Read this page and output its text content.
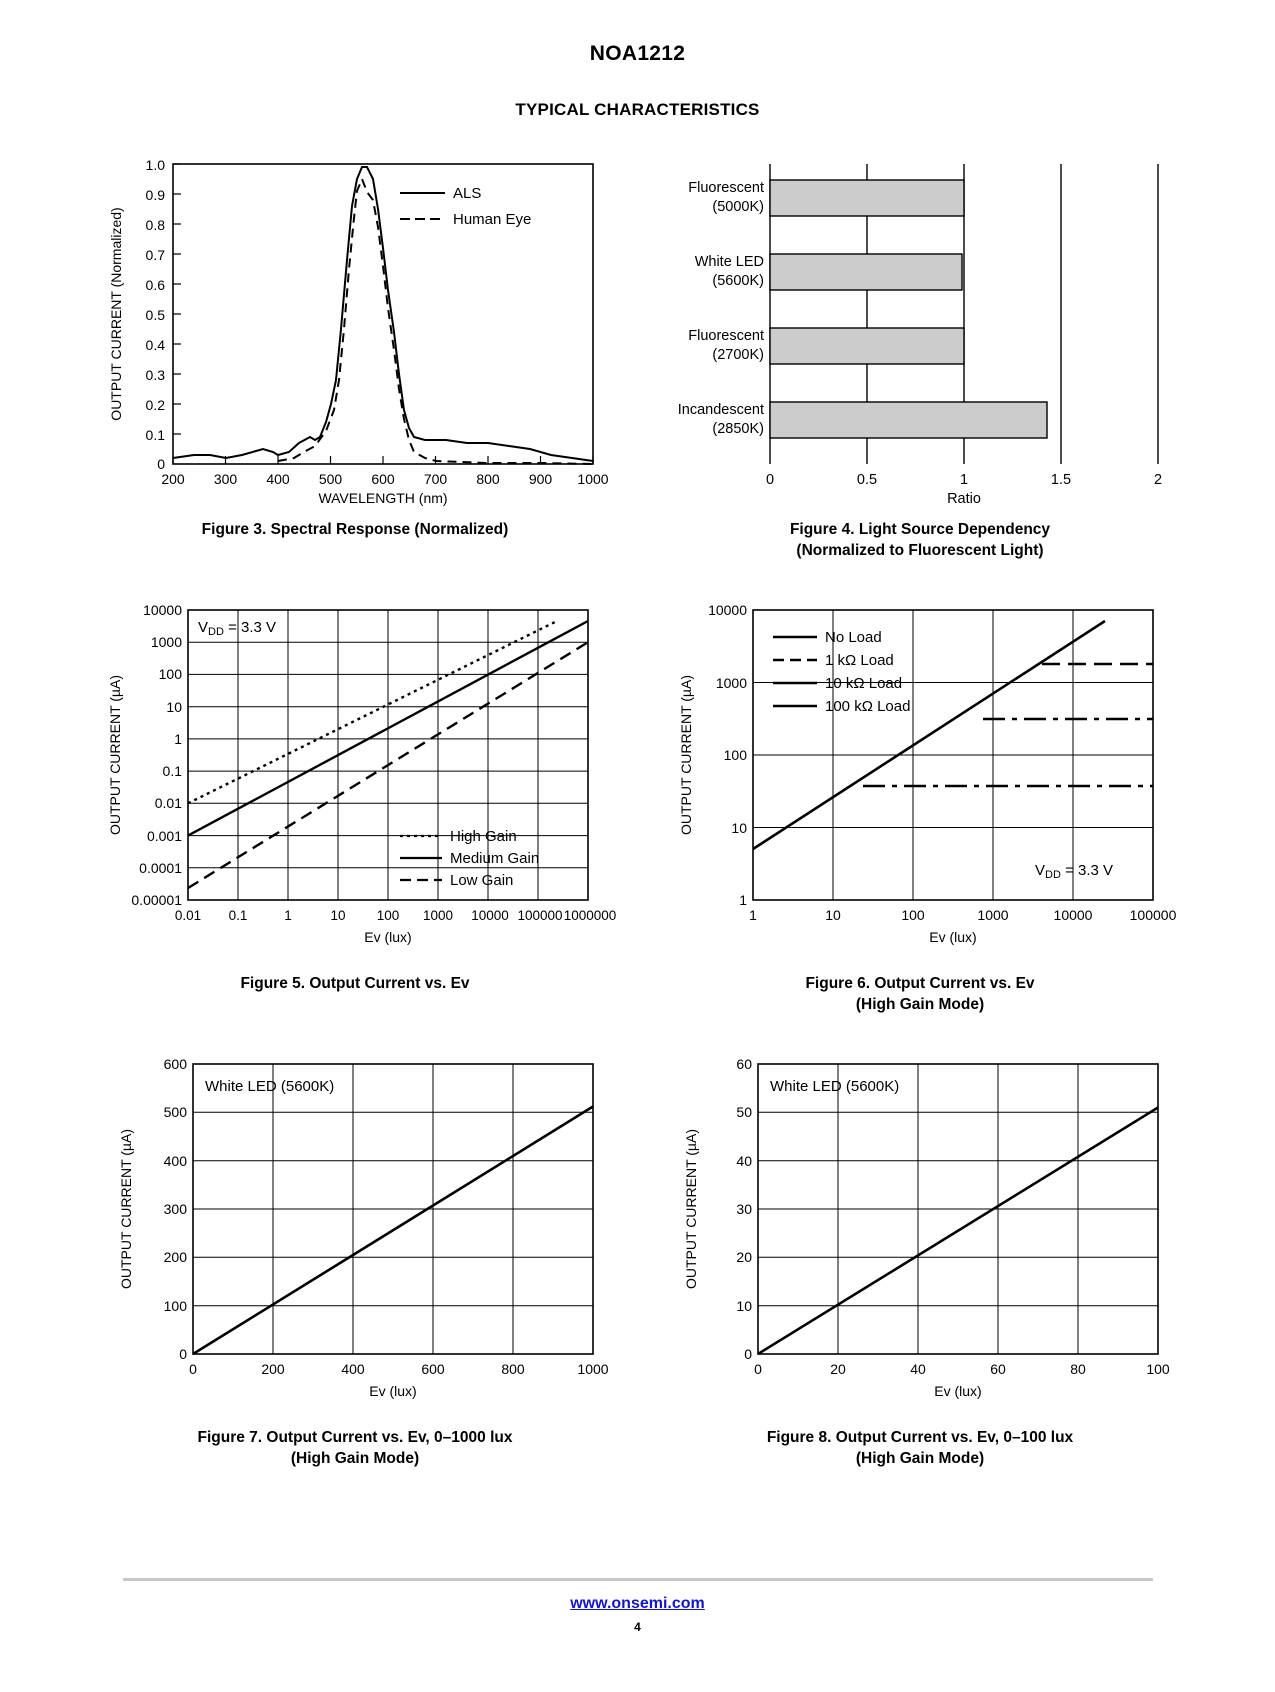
NOA1212
TYPICAL CHARACTERISTICS
1.0
0.9
0.8
0.7
0.6
0.5
0.4
0.3
0.2
0.1
0
200 300 400 500 600 700 800 900 1000
WAVELENGTH (nm)
OUTPUT CURRENT (Normalized)
ALS
Human Eye
Figure 3. Spectral Response (Normalized)
Fluorescent
(5000K)
White LED
(5600K)
Fluorescent
(2700K)
Incandescent
(2850K)
0	0.5	1	1.5	2
Ratio
Figure 4. Light Source Dependency
(Normalized to Fluorescent Light)
10000
1000
100
10
1
0.1
0.01
0.001
0.0001
0.00001
0.01 0.1	1	10 100 1000 10000 100000 1000000
Ev (lux)
OUTPUT CURRENT (µA)
$V_{DD} = 3.3$ V
High Gain
Medium Gain
Low Gain
Figure 5. Output Current vs. Ev
10000
1000
100
10
1
1	10	100	1000	10000	100000
Ev (lux)
OUTPUT CURRENT (µA)
No Load
1 kΩ Load
10 kΩ Load
100 kΩ Load
$V_{DD} = 3.3$ V
Figure 6. Output Current vs. Ev
(High Gain Mode)
600
500
400
300
200
100
0
0	200	400	600	800	1000
Ev (lux)
OUTPUT CURRENT (µA)
White LED (5600K)
Figure 7. Output Current vs. Ev, 0–1000 lux
(High Gain Mode)
60
50
40
30
20
10
0
0	20	40	60	80	100
Ev (lux)
OUTPUT CURRENT (µA)
White LED (5600K)
Figure 8. Output Current vs. Ev, 0–100 lux
(High Gain Mode)
www.onsemi.com
4
